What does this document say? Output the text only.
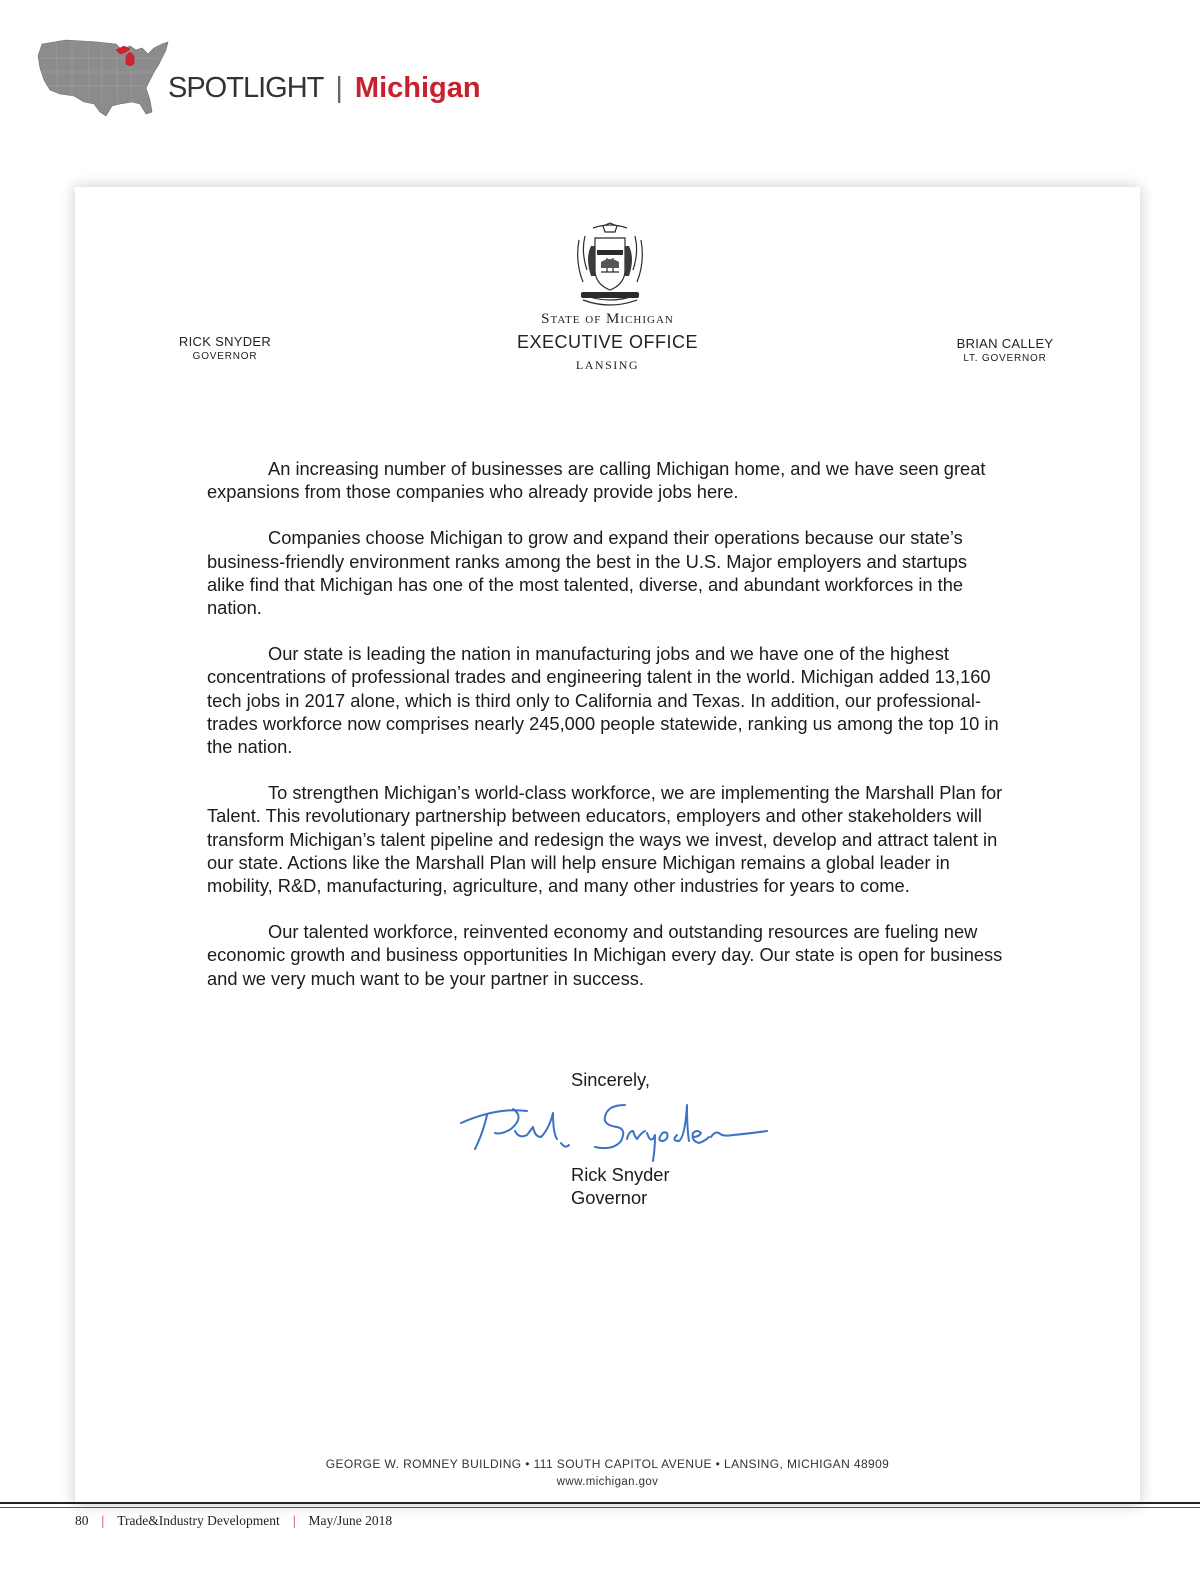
SPOTLIGHT | Michigan
State of Michigan
EXECUTIVE OFFICE
LANSING
RICK SNYDER
GOVERNOR
BRIAN CALLEY
LT. GOVERNOR

An increasing number of businesses are calling Michigan home, and we have seen great expansions from those companies who already provide jobs here.

Companies choose Michigan to grow and expand their operations because our state’s business-friendly environment ranks among the best in the U.S. Major employers and startups alike find that Michigan has one of the most talented, diverse, and abundant workforces in the nation.

Our state is leading the nation in manufacturing jobs and we have one of the highest concentrations of professional trades and engineering talent in the world. Michigan added 13,160 tech jobs in 2017 alone, which is third only to California and Texas. In addition, our professional-trades workforce now comprises nearly 245,000 people statewide, ranking us among the top 10 in the nation.

To strengthen Michigan’s world-class workforce, we are implementing the Marshall Plan for Talent. This revolutionary partnership between educators, employers and other stakeholders will transform Michigan’s talent pipeline and redesign the ways we invest, develop and attract talent in our state. Actions like the Marshall Plan will help ensure Michigan remains a global leader in mobility, R&D, manufacturing, agriculture, and many other industries for years to come.

Our talented workforce, reinvented economy and outstanding resources are fueling new economic growth and business opportunities In Michigan every day. Our state is open for business and we very much want to be your partner in success.

Sincerely,
Rick Snyder
Governor
GEORGE W. ROMNEY BUILDING • 111 SOUTH CAPITOL AVENUE • LANSING, MICHIGAN 48909
www.michigan.gov
80 | Trade&Industry Development | May/June 2018
